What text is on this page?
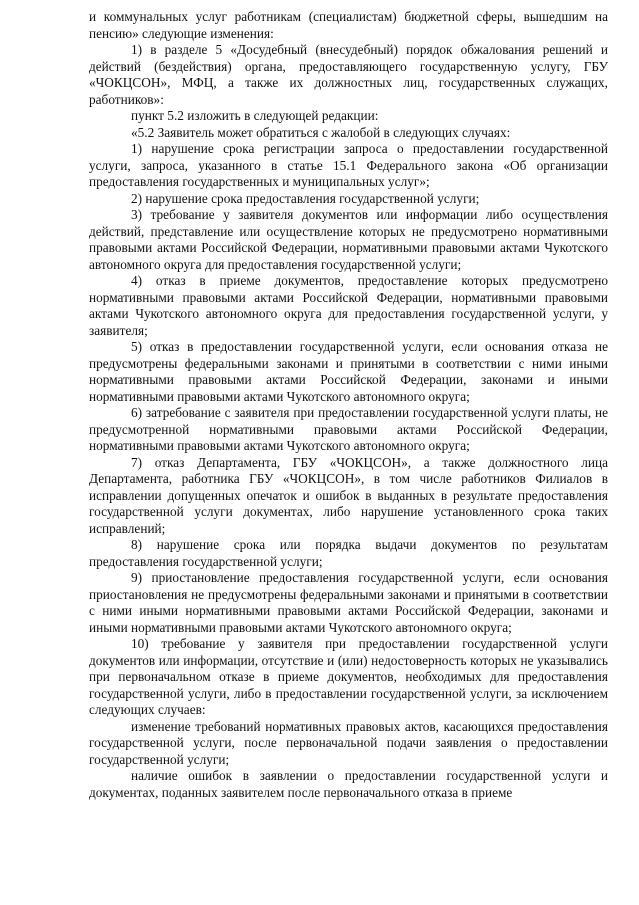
и коммунальных услуг работникам (специалистам) бюджетной сферы, вышедшим на пенсию» следующие изменения:

1) в разделе 5 «Досудебный (внесудебный) порядок обжалования решений и действий (бездействия) органа, предоставляющего государственную услугу, ГБУ «ЧОКЦСОН», МФЦ, а также их должностных лиц, государственных служащих, работников»:

пункт 5.2 изложить в следующей редакции:

«5.2 Заявитель может обратиться с жалобой в следующих случаях:

1) нарушение срока регистрации запроса о предоставлении государственной услуги, запроса, указанного в статье 15.1 Федерального закона «Об организации предоставления государственных и муниципальных услуг»;

2) нарушение срока предоставления государственной услуги;

3) требование у заявителя документов или информации либо осуществления действий, представление или осуществление которых не предусмотрено нормативными правовыми актами Российской Федерации, нормативными правовыми актами Чукотского автономного округа для предоставления государственной услуги;

4) отказ в приеме документов, предоставление которых предусмотрено нормативными правовыми актами Российской Федерации, нормативными правовыми актами Чукотского автономного округа для предоставления государственной услуги, у заявителя;

5) отказ в предоставлении государственной услуги, если основания отказа не предусмотрены федеральными законами и принятыми в соответствии с ними иными нормативными правовыми актами Российской Федерации, законами и иными нормативными правовыми актами Чукотского автономного округа;

6) затребование с заявителя при предоставлении государственной услуги платы, не предусмотренной нормативными правовыми актами Российской Федерации, нормативными правовыми актами Чукотского автономного округа;

7) отказ Департамента, ГБУ «ЧОКЦСОН», а также должностного лица Департамента, работника ГБУ «ЧОКЦСОН», в том числе работников Филиалов в исправлении допущенных опечаток и ошибок в выданных в результате предоставления государственной услуги документах, либо нарушение установленного срока таких исправлений;

8) нарушение срока или порядка выдачи документов по результатам предоставления государственной услуги;

9) приостановление предоставления государственной услуги, если основания приостановления не предусмотрены федеральными законами и принятыми в соответствии с ними иными нормативными правовыми актами Российской Федерации, законами и иными нормативными правовыми актами Чукотского автономного округа;

10) требование у заявителя при предоставлении государственной услуги документов или информации, отсутствие и (или) недостоверность которых не указывались при первоначальном отказе в приеме документов, необходимых для предоставления государственной услуги, либо в предоставлении государственной услуги, за исключением следующих случаев:

изменение требований нормативных правовых актов, касающихся предоставления государственной услуги, после первоначальной подачи заявления о предоставлении государственной услуги;

наличие ошибок в заявлении о предоставлении государственной услуги и документах, поданных заявителем после первоначального отказа в приеме
